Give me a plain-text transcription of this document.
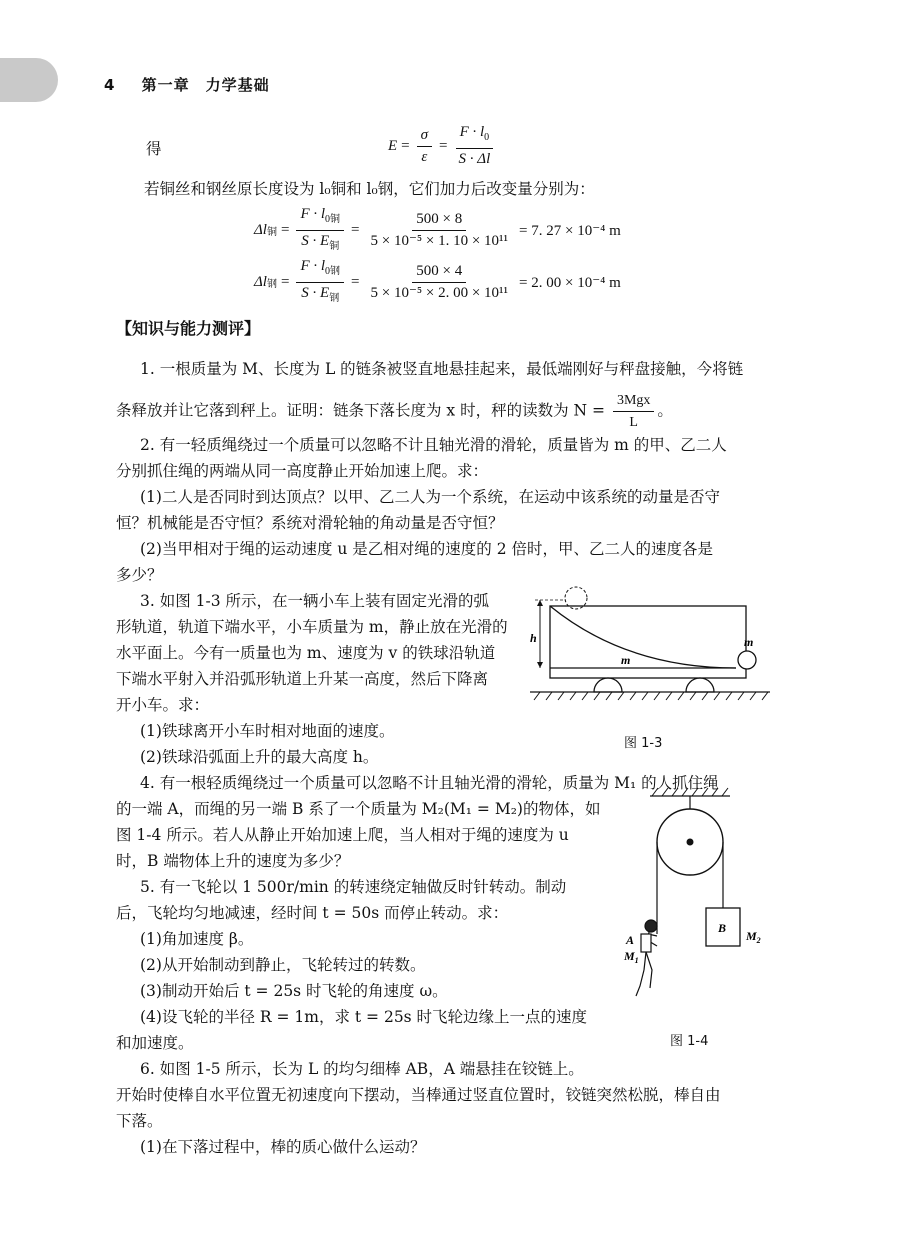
4 第一章　力学基础
得	$E = \frac{\sigma}{\varepsilon} = \frac{F \cdot l_0}{S \cdot \Delta l}$
若铜丝和钢丝原长度设为 l₀铜和 l₀钢，它们加力后改变量分别为：
Δl 铜 = $\frac{F \cdot l_{0铜}}{S \cdot E_铜} = \frac{500 \times 8}{\text{5 × 10⁻⁵ × 1. 10 × 10¹¹}} = 7$. 27 × 10⁻⁴ m
Δl 钢 = $\frac{F \cdot l_{0钢}}{S \cdot E_钢} = \frac{500 \times 4}{\text{5 × 10⁻⁵ × 2. 00 × 10¹¹}} = 2$. 00 × 10⁻⁴ m
【知识与能力测评】
1. 一根质量为 M、长度为 L 的链条被竖直地悬挂起来，最低端刚好与秤盘接触，今将链
条释放并让它落到秤上。证明：链条下落长度为 x 时，秤的读数为 $N = \frac{\text{3Mgx}}{L}$ 。
2. 有一轻质绳绕过一个质量可以忽略不计且轴光滑的滑轮，质量皆为 m 的甲、乙二人
分别抓住绳的两端从同一高度静止开始加速上爬。求：
(1)二人是否同时到达顶点？以甲、乙二人为一个系统，在运动中该系统的动量是否守
恒？机械能是否守恒？系统对滑轮轴的角动量是否守恒？
(2)当甲相对于绳的运动速度 u 是乙相对绳的速度的 2 倍时，甲、乙二人的速度各是
多少？
3. 如图 1-3 所示，在一辆小车上装有固定光滑的弧
形轨道，轨道下端水平，小车质量为 m，静止放在光滑的
水平面上。今有一质量也为 m、速度为 v 的铁球沿轨道
下端水平射入并沿弧形轨道上升某一高度，然后下降离
开小车。求：
(1)铁球离开小车时相对地面的速度。
(2)铁球沿弧面上升的最大高度 h。
h
m
m
图 1-3
4. 有一根轻质绳绕过一个质量可以忽略不计且轴光滑的滑轮，质量为 M₁ 的人抓住绳
的一端 A，而绳的另一端 B 系了一个质量为 M₂(M₁ = M₂)的物体，如
图 1-4 所示。若人从静止开始加速上爬，当人相对于绳的速度为 u
时，B 端物体上升的速度为多少？
5. 有一飞轮以 1 500r/min 的转速绕定轴做反时针转动。制动
后，飞轮均匀地减速，经时间 t = 50s 而停止转动。求：
(1)角加速度 β。
(2)从开始制动到静止，飞轮转过的转数。
(3)制动开始后 t = 25s 时飞轮的角速度 ω。
(4)设飞轮的半径 R = 1m，求 t = 25s 时飞轮边缘上一点的速度
和加速度。
B
$M_2$
A
$M_1$
图 1-4
6. 如图 1-5 所示，长为 L 的均匀细棒 AB，A 端悬挂在铰链上。
开始时使棒自水平位置无初速度向下摆动，当棒通过竖直位置时，铰链突然松脱，棒自由
下落。
(1)在下落过程中，棒的质心做什么运动？
